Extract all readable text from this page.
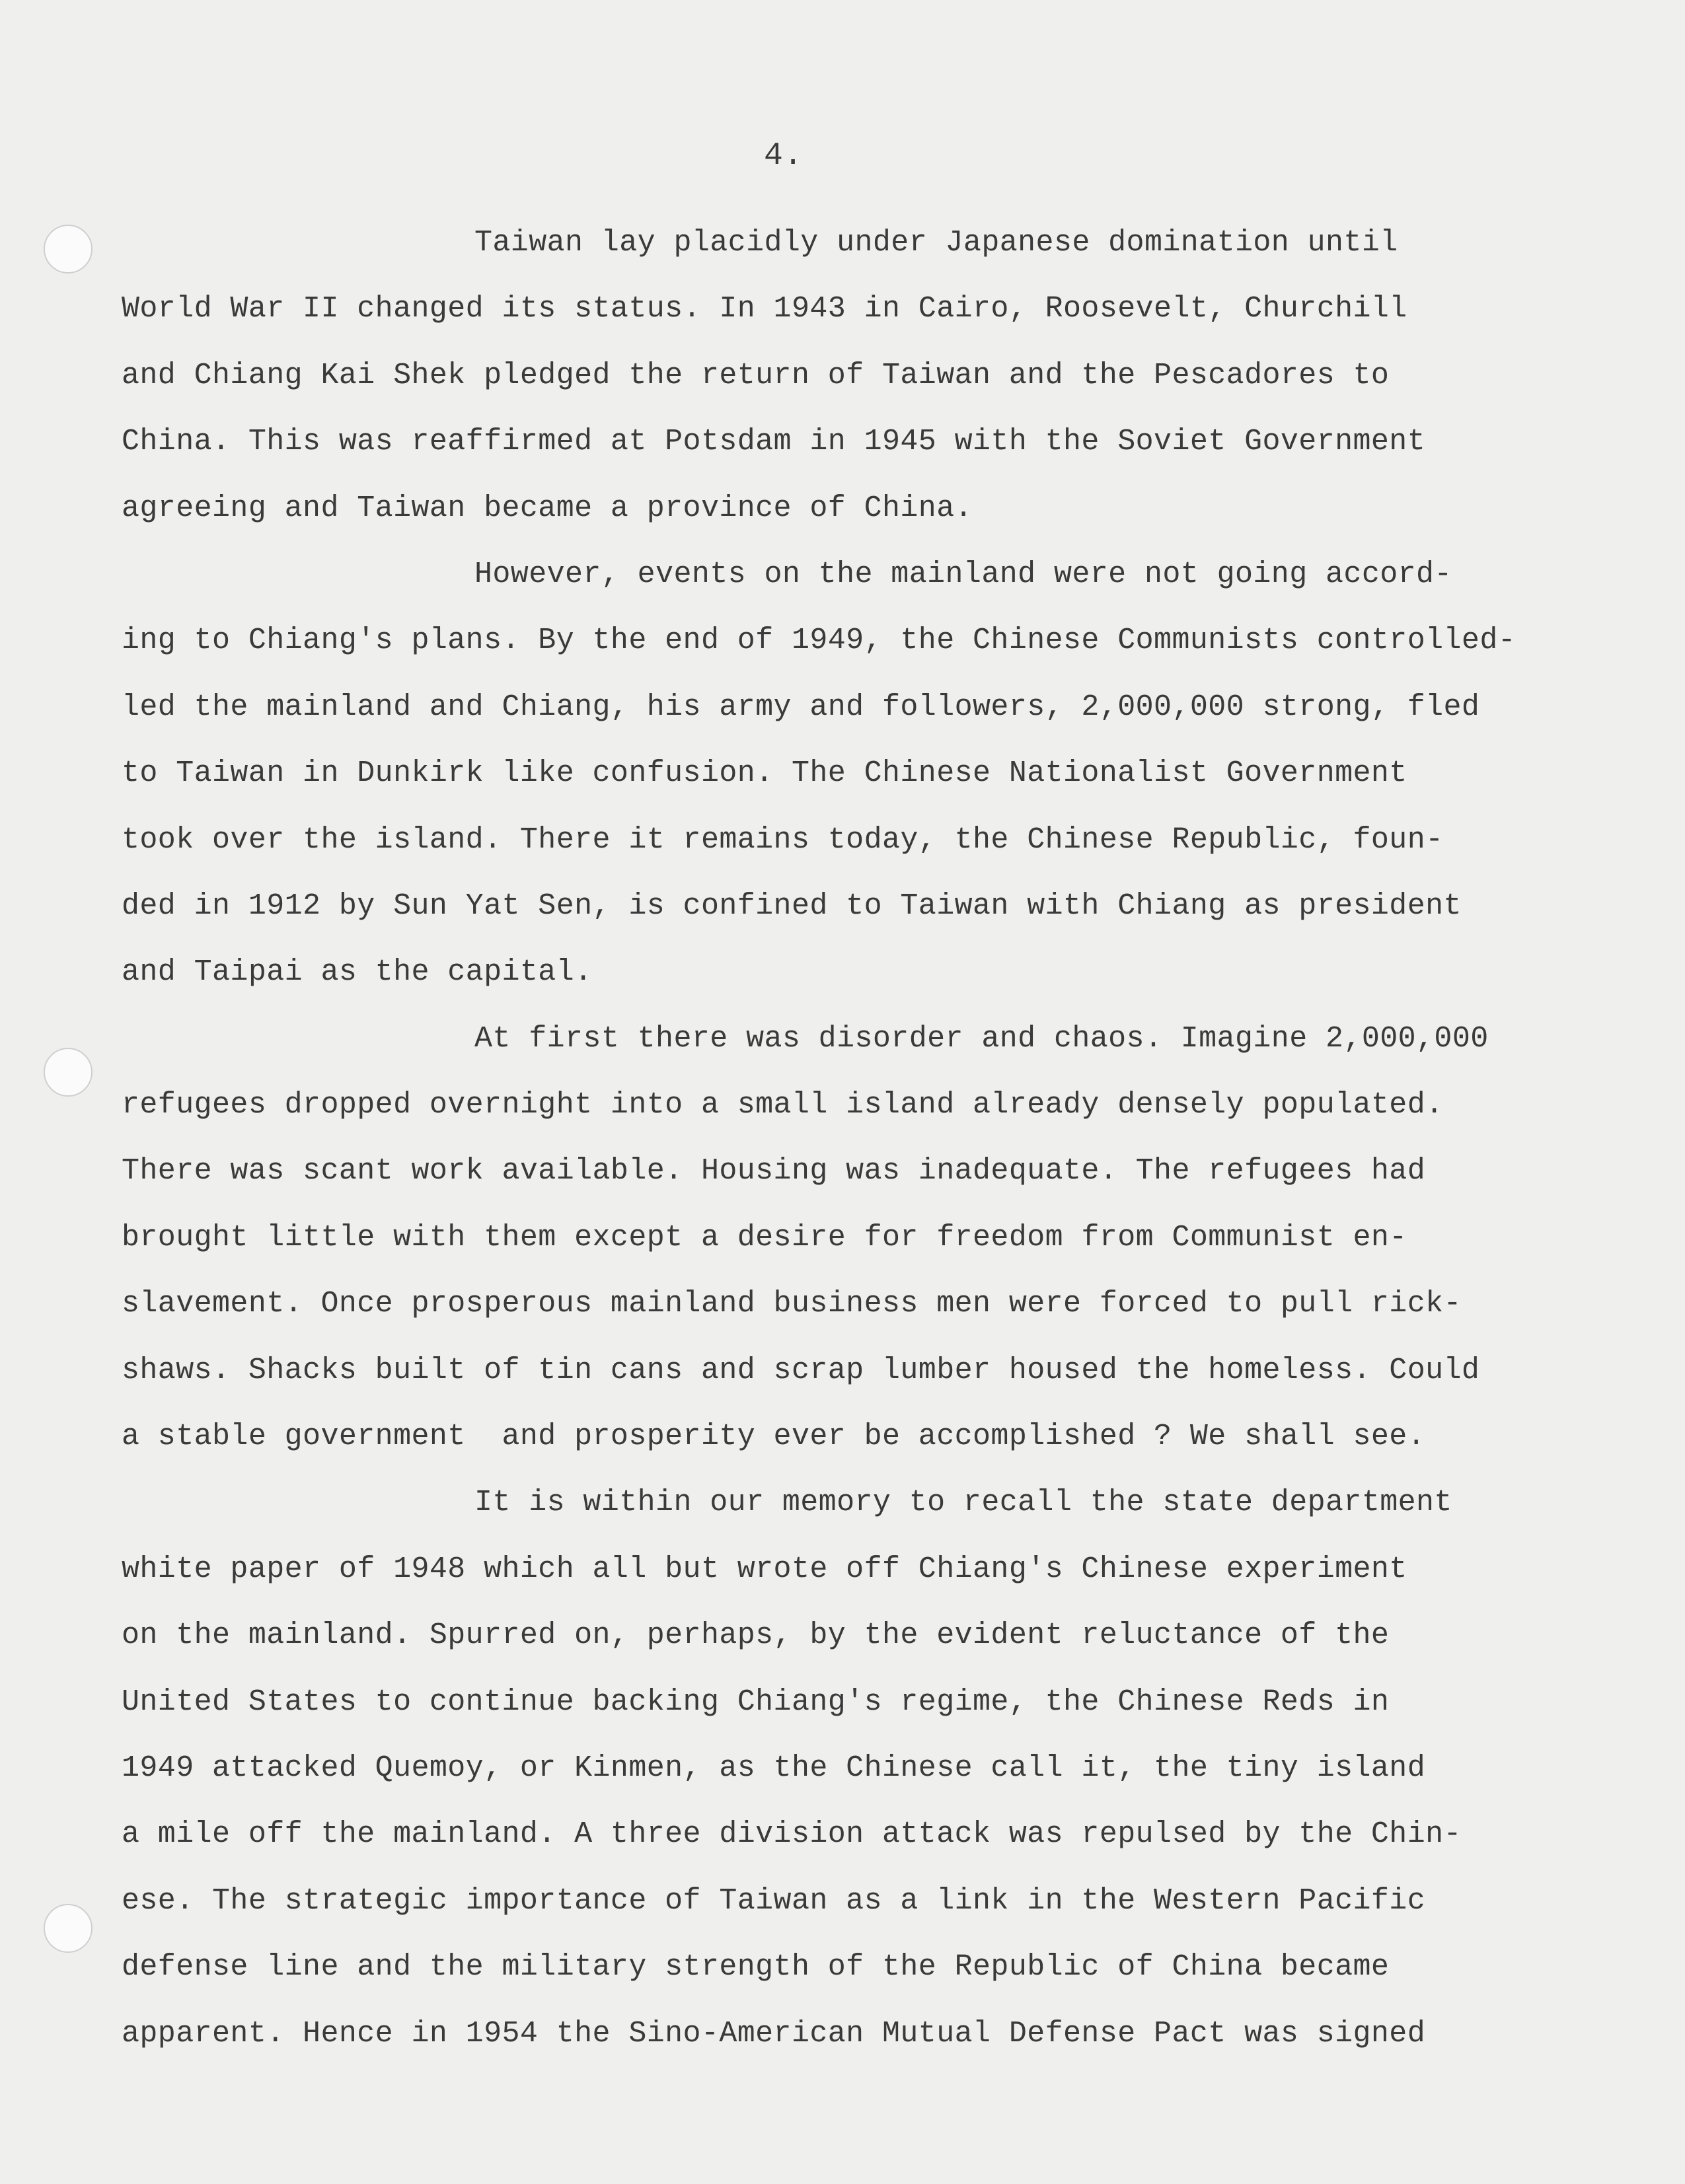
4.
Taiwan lay placidly under Japanese domination until
World War II changed its status. In 1943 in Cairo, Roosevelt, Churchill
and Chiang Kai Shek pledged the return of Taiwan and the Pescadores to
China. This was reaffirmed at Potsdam in 1945 with the Soviet Government
agreeing and Taiwan became a province of China.
However, events on the mainland were not going accord-
ing to Chiang's plans. By the end of 1949, the Chinese Communists controlled-
led the mainland and Chiang, his army and followers, 2,000,000 strong, fled
to Taiwan in Dunkirk like confusion. The Chinese Nationalist Government
took over the island. There it remains today, the Chinese Republic, foun-
ded in 1912 by Sun Yat Sen, is confined to Taiwan with Chiang as president
and Taipai as the capital.
At first there was disorder and chaos. Imagine 2,000,000
refugees dropped overnight into a small island already densely populated.
There was scant work available. Housing was inadequate. The refugees had
brought little with them except a desire for freedom from Communist en-
slavement. Once prosperous mainland business men were forced to pull rick-
shaws. Shacks built of tin cans and scrap lumber housed the homeless. Could
a stable government  and prosperity ever be accomplished ? We shall see.
It is within our memory to recall the state department
white paper of 1948 which all but wrote off Chiang's Chinese experiment
on the mainland. Spurred on, perhaps, by the evident reluctance of the
United States to continue backing Chiang's regime, the Chinese Reds in
1949 attacked Quemoy, or Kinmen, as the Chinese call it, the tiny island
a mile off the mainland. A three division attack was repulsed by the Chin-
ese. The strategic importance of Taiwan as a link in the Western Pacific
defense line and the military strength of the Republic of China became
apparent. Hence in 1954 the Sino-American Mutual Defense Pact was signed
